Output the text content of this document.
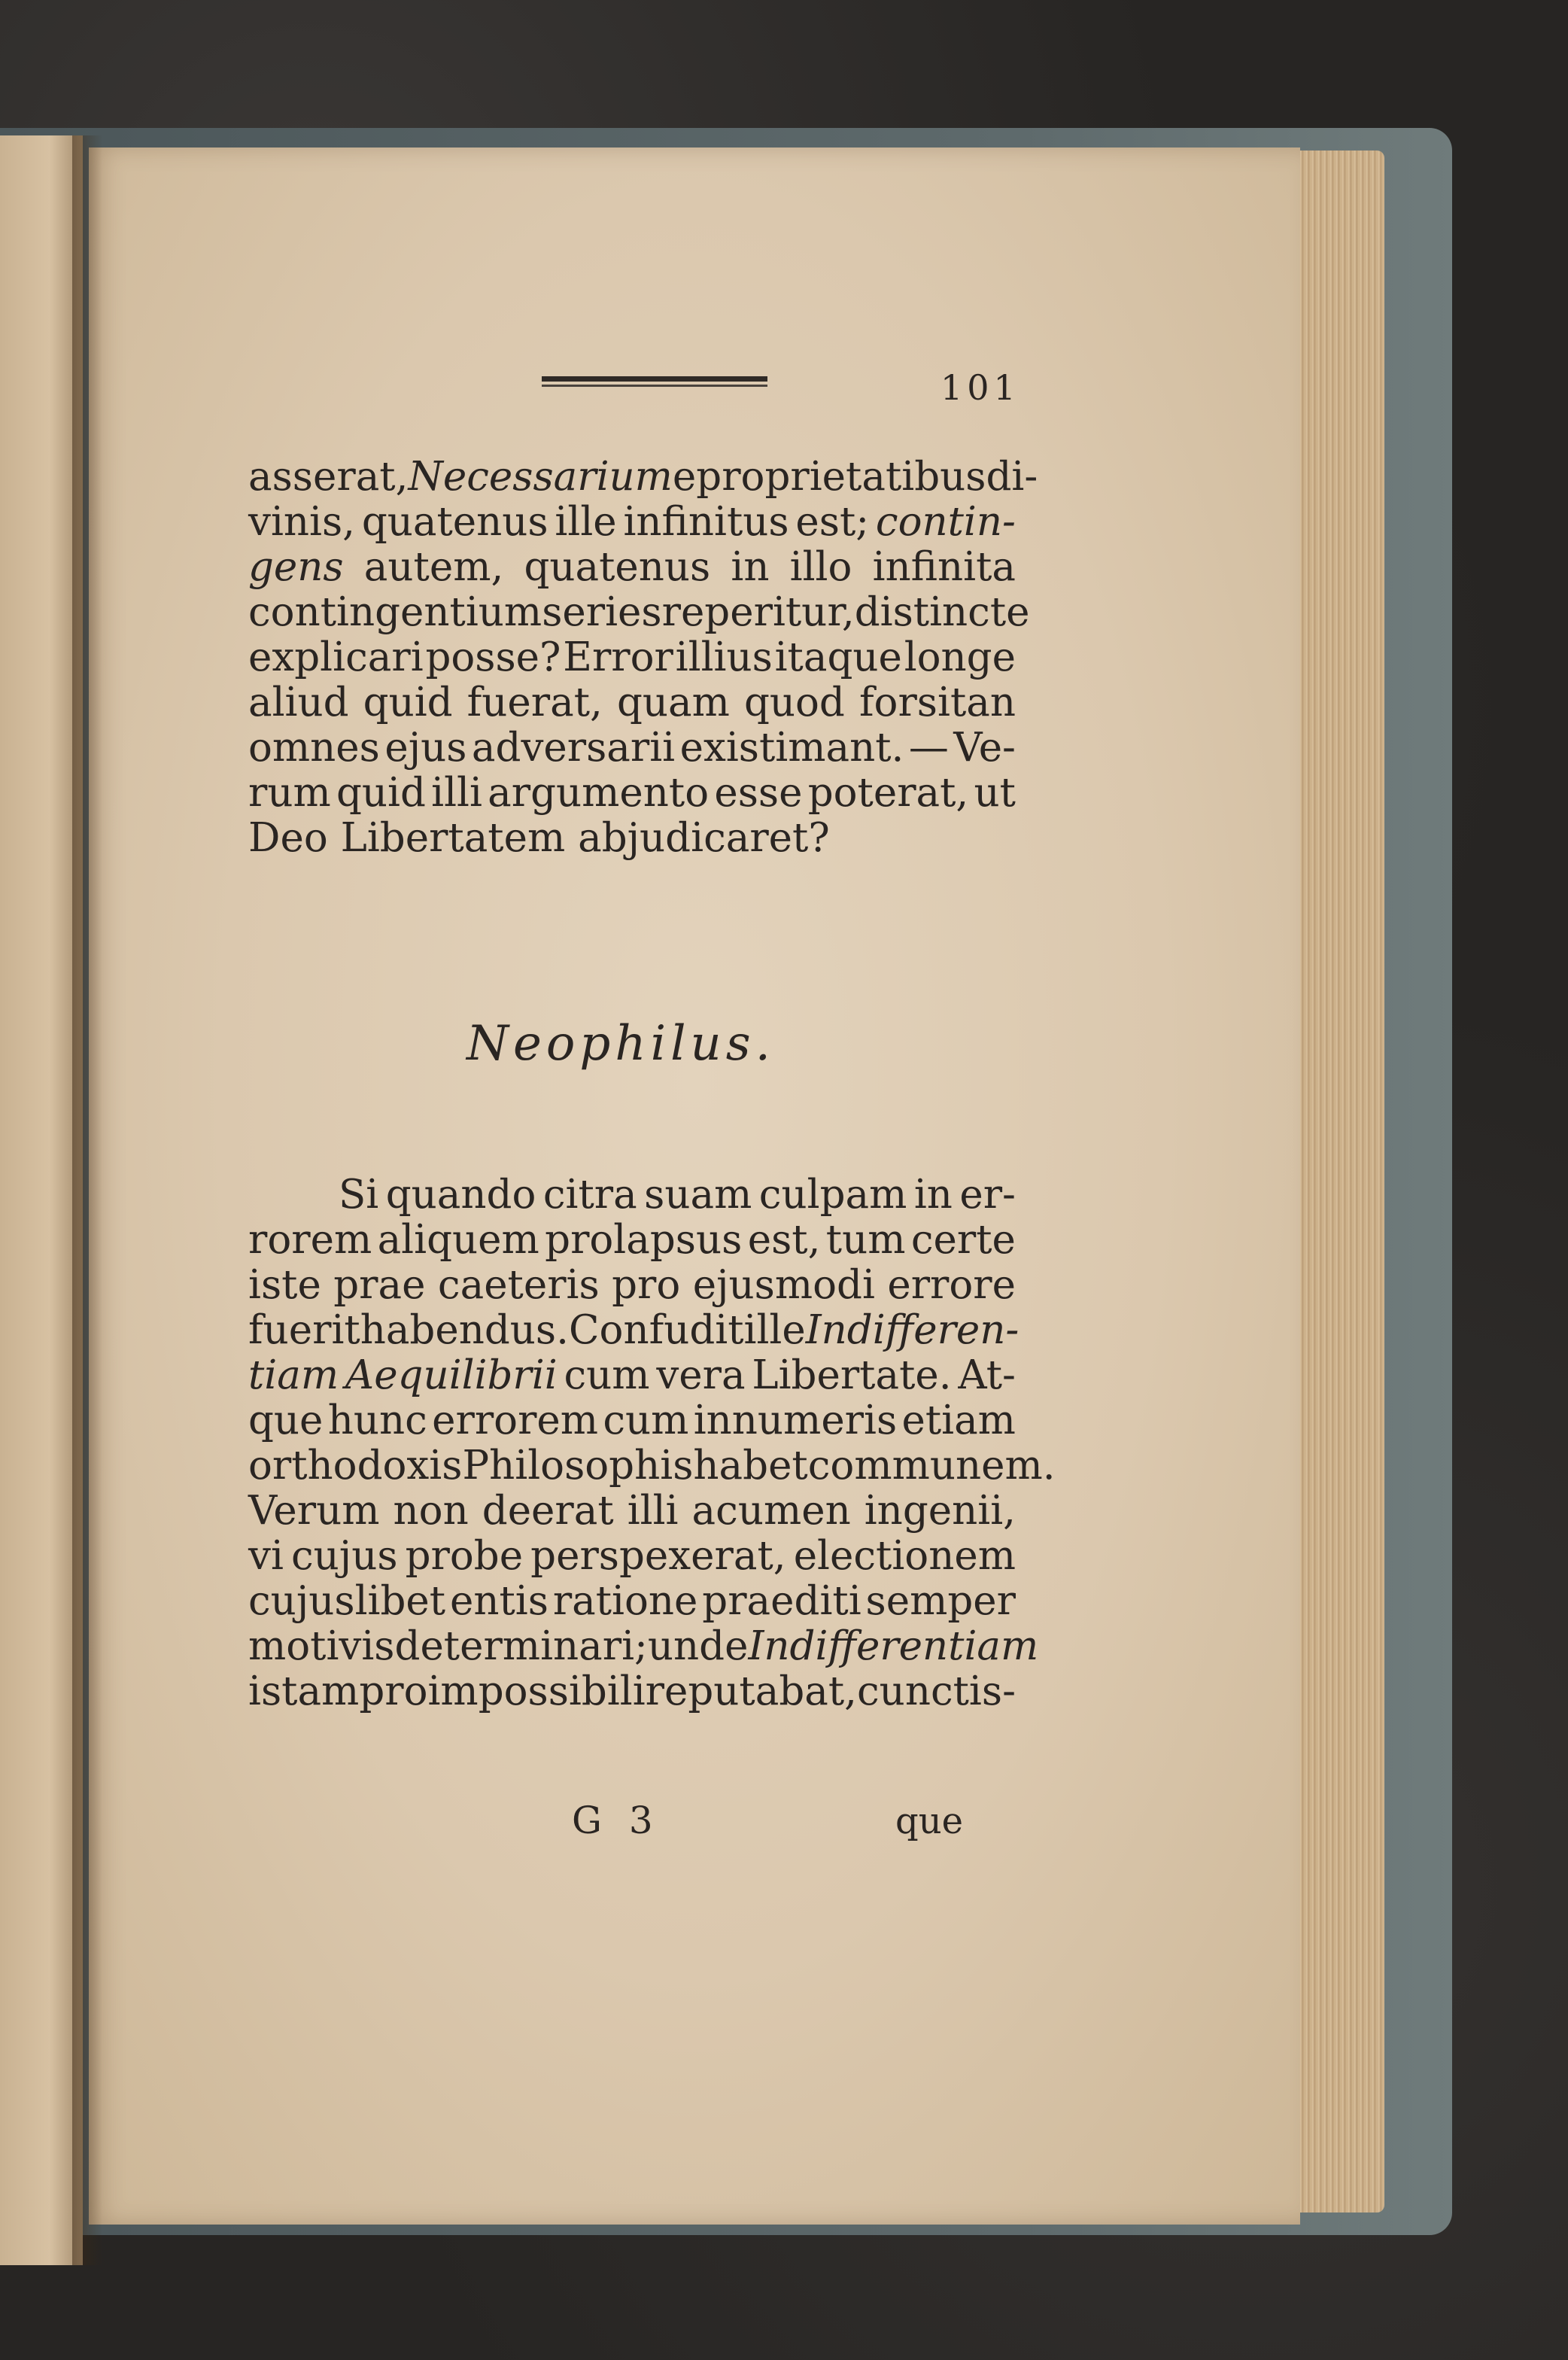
101
asserat, Necessarium e proprietatibus di-
vinis, quatenus ille infinitus est; contin-
gens autem, quatenus in illo infinita
contingentium series reperitur, distincte
explicari posse? Error illius itaque longe
aliud quid fuerat, quam quod forsitan
omnes ejus adversarii existimant. — Ve-
rum quid illi argumento esse poterat, ut
Deo
Libertatem
abjudicaret?
Neophilus.
Si quando citra suam culpam in er-
rorem aliquem prolapsus est, tum certe
iste prae caeteris pro ejusmodi errore
fuerit habendus. Confudit ille Indifferen-
tiam Aequilibrii cum vera Libertate. At-
que hunc errorem cum innumeris etiam
orthodoxis Philosophis habet communem.
Verum non deerat illi acumen ingenii,
vi cujus probe perspexerat, electionem
cujuslibet entis ratione praediti semper
motivis determinari; unde Indifferentiam
istam pro impossibili reputabat, cunctis-
G 3	que
